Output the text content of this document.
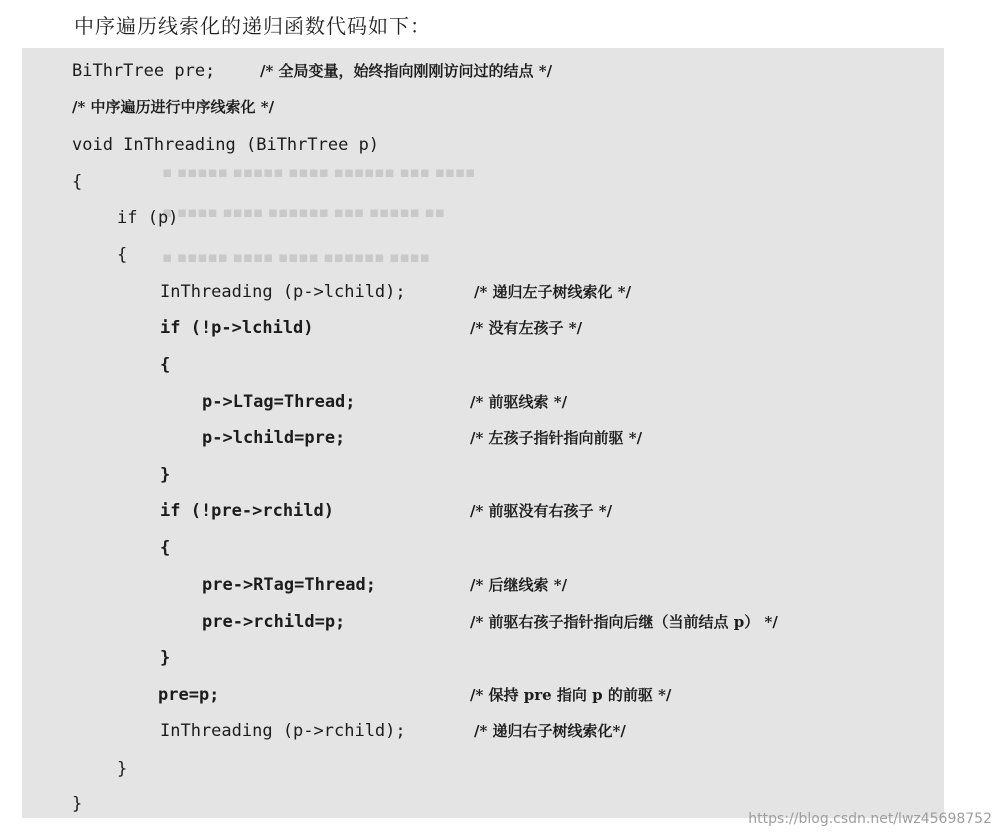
中序遍历线索化的递归函数代码如下：
▪ ▪▪▪▪▪ ▪▪▪▪▪ ▪▪▪▪ ▪▪▪▪▪▪ ▪▪▪ ▪▪▪▪
▪ ▪▪▪▪ ▪▪▪▪ ▪▪▪▪▪▪ ▪▪▪ ▪▪▪▪▪ ▪▪
▪ ▪▪▪▪▪ ▪▪▪▪ ▪▪▪▪ ▪▪▪▪▪▪ ▪▪▪▪
BiThrTree pre;	/* 全局变量，始终指向刚刚访问过的结点 */
/* 中序遍历进行中序线索化 */
void InThreading (BiThrTree p)
{
if (p)
{
InThreading (p->lchild);	/* 递归左子树线索化 */
if (!p->lchild)	/* 没有左孩子 */
{
p->LTag=Thread;	/* 前驱线索 */
p->lchild=pre;	/* 左孩子指针指向前驱 */
}
if (!pre->rchild)	/* 前驱没有右孩子 */
{
pre->RTag=Thread;	/* 后继线索 */
pre->rchild=p;	/* 前驱右孩子指针指向后继（当前结点 p） */
}
pre=p;	/* 保持 pre 指向 p 的前驱 */
InThreading (p->rchild);	/* 递归右子树线索化*/
}
}
https://blog.csdn.net/lwz45698752
